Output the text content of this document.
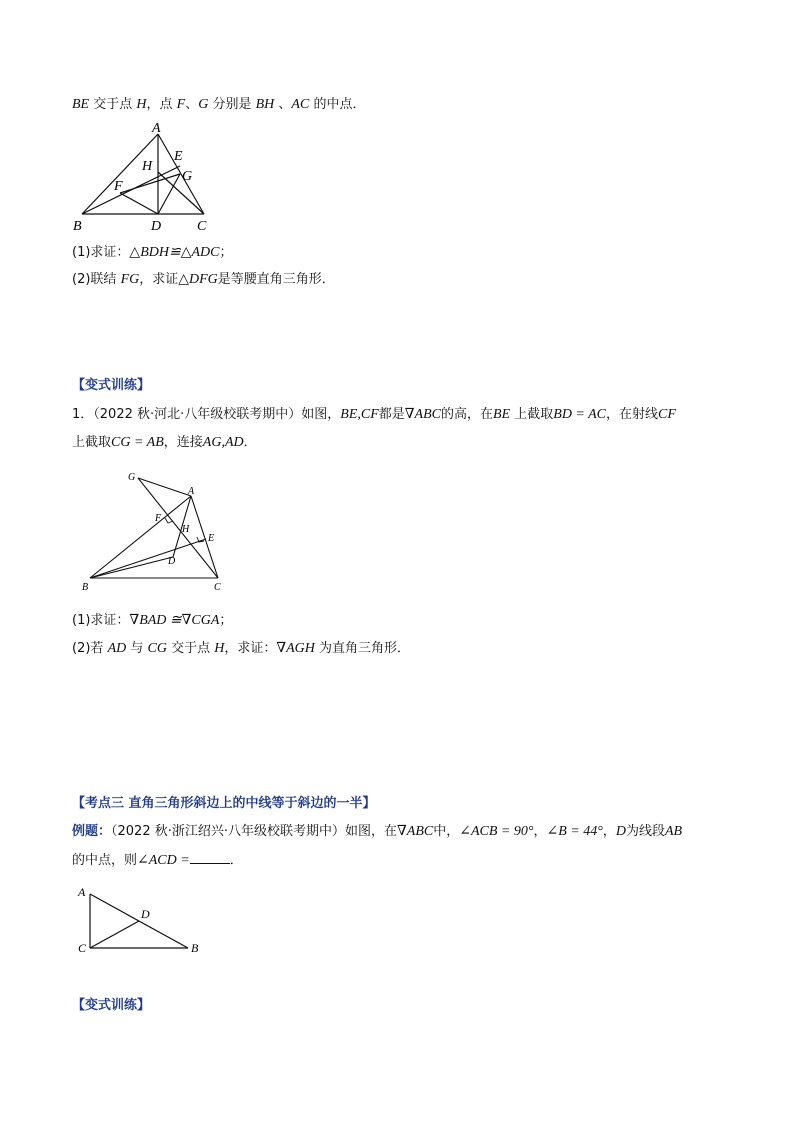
BE 交于点 H，点 F、G 分别是 BH 、AC 的中点．
A
E
H
G
F
B	D	C
(1)求证：△BDH≌△ADC；
(2)联结 FG，求证△DFG是等腰直角三角形．
【变式训练】
1．（2022 秋·河北·八年级校联考期中）如图，BE,CF都是∇ABC的高，在BE 上截取BD = AC，在射线CF
上截取CG = AB，连接AG,AD．
G
A
F
H
E
D
B	C
(1)求证：∇BAD ≅∇CGA；
(2)若 AD 与 CG 交于点 H，求证：∇AGH 为直角三角形．
【考点三 直角三角形斜边上的中线等于斜边的一半】
例题：（2022 秋·浙江绍兴·八年级校联考期中）如图，在∇ABC中，∠ACB = 90°，∠B = 44°，D为线段AB
的中点，则∠ACD =	．
A
D
C	B
【变式训练】
